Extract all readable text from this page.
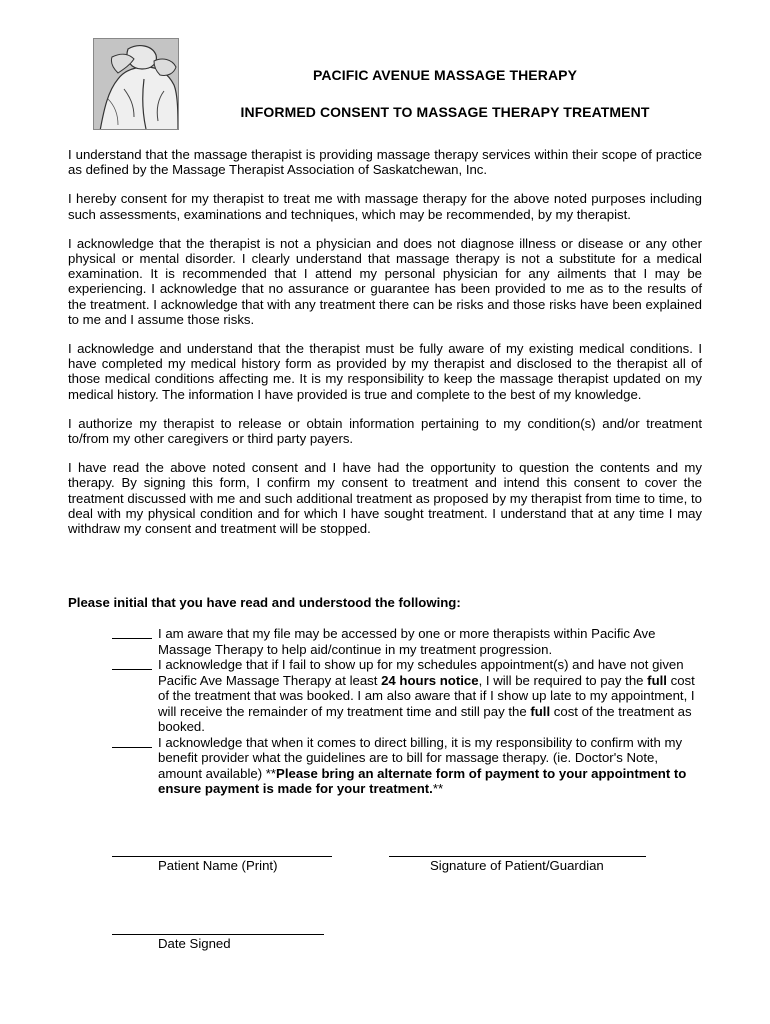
PACIFIC AVENUE MASSAGE THERAPY
INFORMED CONSENT TO MASSAGE THERAPY TREATMENT

I understand that the massage therapist is providing massage therapy services within their scope of practice as defined by the Massage Therapist Association of Saskatchewan, Inc.

I hereby consent for my therapist to treat me with massage therapy for the above noted purposes including such assessments, examinations and techniques, which may be recommended, by my therapist.

I acknowledge that the therapist is not a physician and does not diagnose illness or disease or any other physical or mental disorder. I clearly understand that massage therapy is not a substitute for a medical examination. It is recommended that I attend my personal physician for any ailments that I may be experiencing. I acknowledge that no assurance or guarantee has been provided to me as to the results of the treatment. I acknowledge that with any treatment there can be risks and those risks have been explained to me and I assume those risks.

I acknowledge and understand that the therapist must be fully aware of my existing medical conditions. I have completed my medical history form as provided by my therapist and disclosed to the therapist all of those medical conditions affecting me. It is my responsibility to keep the massage therapist updated on my medical history. The information I have provided is true and complete to the best of my knowledge.

I authorize my therapist to release or obtain information pertaining to my condition(s) and/or treatment to/from my other caregivers or third party payers.

I have read the above noted consent and I have had the opportunity to question the contents and my therapy. By signing this form, I confirm my consent to treatment and intend this consent to cover the treatment discussed with me and such additional treatment as proposed by my therapist from time to time, to deal with my physical condition and for which I have sought treatment. I understand that at any time I may withdraw my consent and treatment will be stopped.

Please initial that you have read and understood the following:
I am aware that my file may be accessed by one or more therapists within Pacific Ave Massage Therapy to help aid/continue in my treatment progression.
I acknowledge that if I fail to show up for my schedules appointment(s) and have not given Pacific Ave Massage Therapy at least 24 hours notice, I will be required to pay the full cost of the treatment that was booked. I am also aware that if I show up late to my appointment, I will receive the remainder of my treatment time and still pay the full cost of the treatment as booked.
I acknowledge that when it comes to direct billing, it is my responsibility to confirm with my benefit provider what the guidelines are to bill for massage therapy. (ie. Doctor's Note, amount available) **Please bring an alternate form of payment to your appointment to ensure payment is made for your treatment.**
Patient Name (Print)	Signature of Patient/Guardian
Date Signed
